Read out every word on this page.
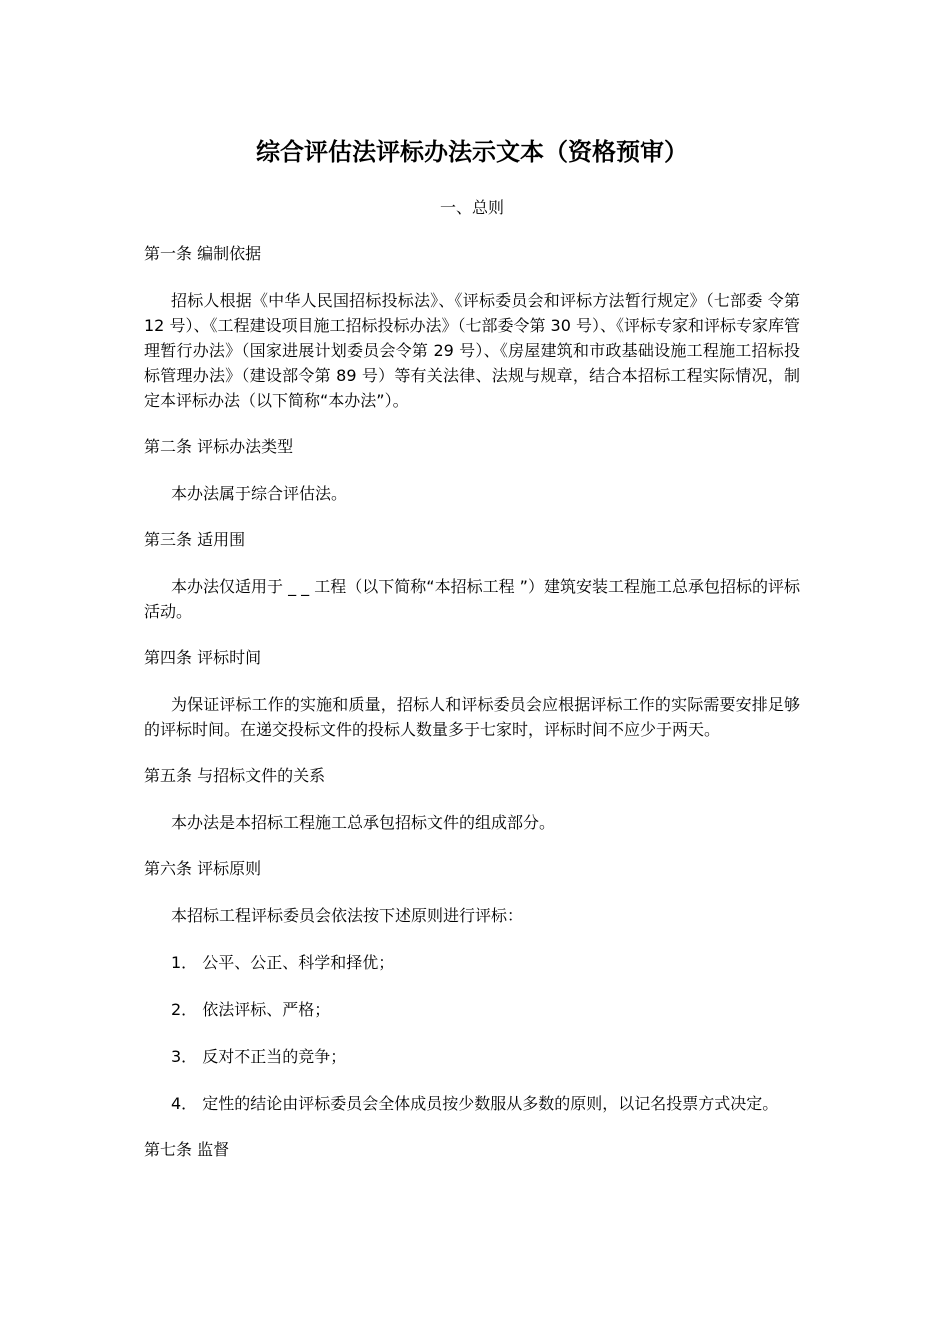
综合评估法评标办法示文本（资格预审）
一、总则
第一条 编制依据
招标人根据《中华人民国招标投标法》、《评标委员会和评标方法暂行规定》（七部委 令第 12 号）、《工程建设项目施工招标投标办法》（七部委令第 30 号）、《评标专家和评标专家库管理暂行办法》（国家进展计划委员会令第 29 号）、《房屋建筑和市政基础设施工程施工招标投标管理办法》（建设部令第 89 号）等有关法律、法规与规章，结合本招标工程实际情况，制定本评标办法（以下简称“本办法”）。
第二条 评标办法类型
本办法属于综合评估法。
第三条 适用围
本办法仅适用于 _ _ 工程（以下简称“本招标工程 ”）建筑安装工程施工总承包招标的评标活动。
第四条 评标时间
为保证评标工作的实施和质量，招标人和评标委员会应根据评标工作的实际需要安排足够的评标时间。在递交投标文件的投标人数量多于七家时，评标时间不应少于两天。
第五条 与招标文件的关系
本办法是本招标工程施工总承包招标文件的组成部分。
第六条 评标原则
本招标工程评标委员会依法按下述原则进行评标：
1． 公平、公正、科学和择优；
2． 依法评标、严格；
3． 反对不正当的竞争；
4． 定性的结论由评标委员会全体成员按少数服从多数的原则，以记名投票方式决定。
第七条 监督
